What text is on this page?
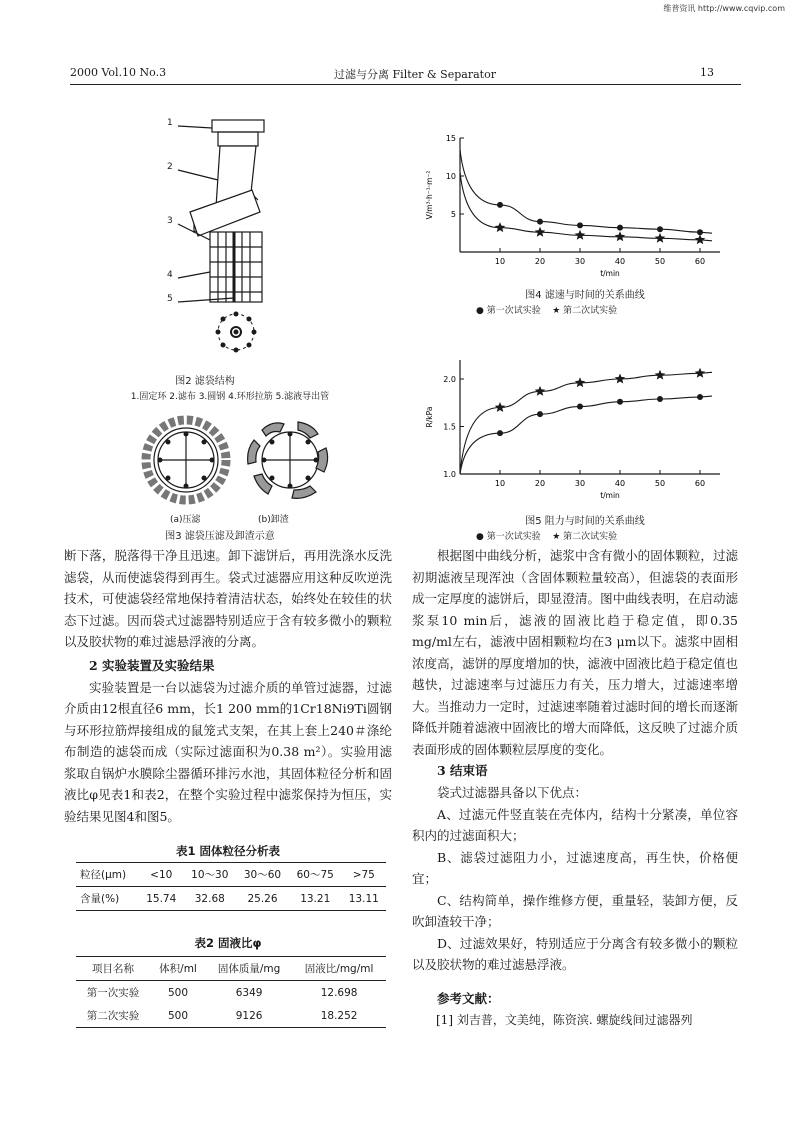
维普资讯 http://www.cqvip.com
2000 Vol.10 No.3	过滤与分离 Filter & Separator	13
1
2
3
4
5
图2 滤袋结构
1.固定环 2.滤布 3.圆钢 4.环形拉筋 5.滤液导出管
(a)压滤	(b)卸渣
图3 滤袋压滤及卸渣示意

断下落，脱落得干净且迅速。卸下滤饼后，再用洗涤水反洗滤袋，从而使滤袋得到再生。袋式过滤器应用这种反吹逆洗技术，可使滤袋经常地保持着清洁状态，始终处在较佳的状态下过滤。因而袋式过滤器特别适应于含有较多微小的颗粒以及胶状物的难过滤悬浮液的分离。

2 实验装置及实验结果

实验装置是一台以滤袋为过滤介质的单管过滤器，过滤介质由12根直径6 mm，长1 200 mm的1Cr18Ni9Ti圆钢与环形拉筋焊接组成的鼠笼式支架，在其上套上240＃涤纶布制造的滤袋而成（实际过滤面积为0.38 m²）。实验用滤浆取自锅炉水膜除尘器循环排污水池，其固体粒径分析和固液比φ见表1和表2，在整个实验过程中滤浆保持为恒压，实验结果见图4和图5。

表1 固体粒径分析表
粒径(μm)	<10	10～30	30～60	60～75	>75
含量(%)	15.74	32.68	25.26	13.21	13.11
表2 固液比φ
项目名称	体积/ml	固体质量/mg	固液比/mg/ml
第一次实验	500	6349	12.698
第二次实验	500	9126	18.252
10	20	30	40	50	60
5
10
15
t/min
V/m³·h⁻¹·m⁻²
图4 滤速与时间的关系曲线
● 第一次试实验 ★ 第二次试实验
10	20	30	40	50	60
1.0
1.5
2.0
t/min
R/kPa
图5 阻力与时间的关系曲线
● 第一次试实验 ★ 第二次试实验

根据图中曲线分析，滤浆中含有微小的固体颗粒，过滤初期滤液呈现浑浊（含固体颗粒量较高），但滤袋的表面形成一定厚度的滤饼后，即显澄清。图中曲线表明，在启动滤浆泵10 min后，滤液的固液比趋于稳定值，即0.35 mg/ml左右，滤液中固相颗粒均在3 μm以下。滤浆中固相浓度高，滤饼的厚度增加的快，滤液中固液比趋于稳定值也越快，过滤速率与过滤压力有关，压力增大，过滤速率增大。当推动力一定时，过滤速率随着过滤时间的增长而逐渐降低并随着滤液中固液比的增大而降低，这反映了过滤介质表面形成的固体颗粒层厚度的变化。

3 结束语

袋式过滤器具备以下优点：

A、过滤元件竖直装在壳体内，结构十分紧凑，单位容积内的过滤面积大；

B、滤袋过滤阻力小，过滤速度高，再生快，价格便宜；

C、结构简单，操作维修方便，重量轻，装卸方便，反吹卸渣较干净；

D、过滤效果好，特别适应于分离含有较多微小的颗粒以及胶状物的难过滤悬浮液。

参考文献：

[1] 刘吉普，文美纯，陈资滨. 螺旋线间过滤器列
